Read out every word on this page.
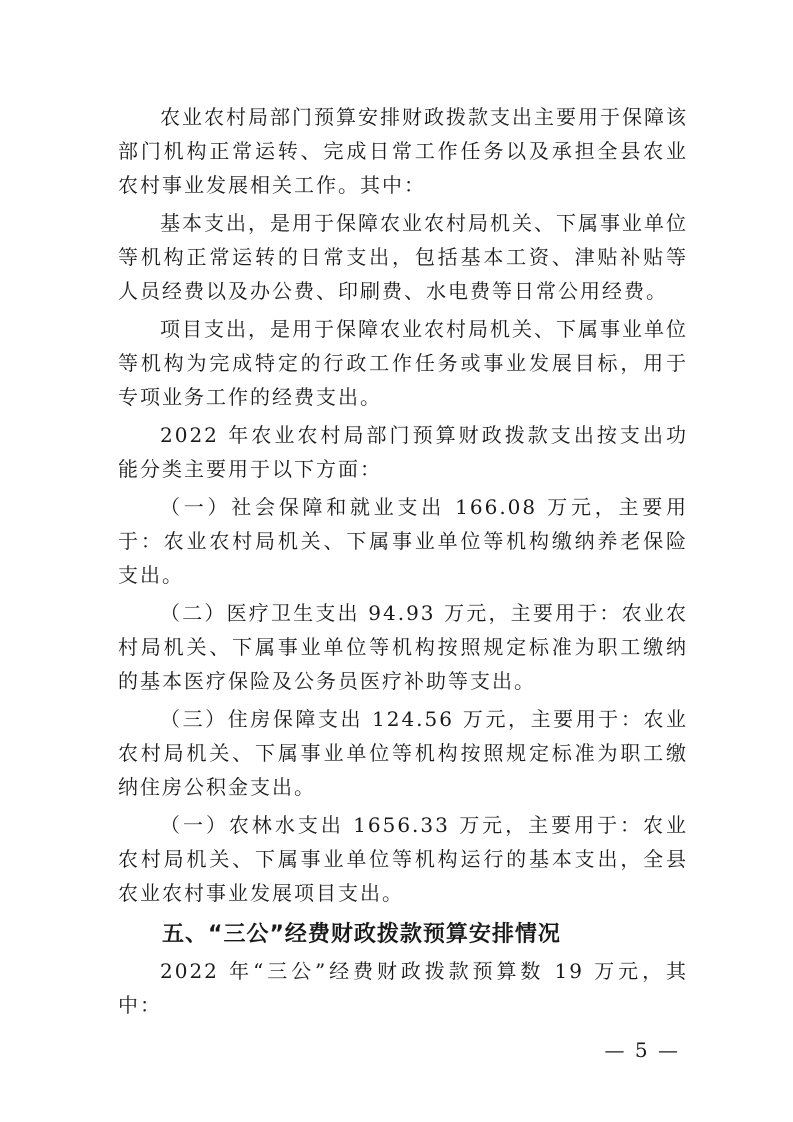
农业农村局部门预算安排财政拨款支出主要用于保障该部门机构正常运转、完成日常工作任务以及承担全县农业农村事业发展相关工作。其中：

基本支出，是用于保障农业农村局机关、下属事业单位等机构正常运转的日常支出，包括基本工资、津贴补贴等人员经费以及办公费、印刷费、水电费等日常公用经费。

项目支出，是用于保障农业农村局机关、下属事业单位等机构为完成特定的行政工作任务或事业发展目标，用于专项业务工作的经费支出。

2022 年农业农村局部门预算财政拨款支出按支出功能分类主要用于以下方面：

（一）社会保障和就业支出 166.08 万元，主要用于：农业农村局机关、下属事业单位等机构缴纳养老保险支出。

（二）医疗卫生支出 94.93 万元，主要用于：农业农村局机关、下属事业单位等机构按照规定标准为职工缴纳的基本医疗保险及公务员医疗补助等支出。

（三）住房保障支出 124.56 万元，主要用于：农业农村局机关、下属事业单位等机构按照规定标准为职工缴纳住房公积金支出。

（一）农林水支出 1656.33 万元，主要用于：农业农村局机关、下属事业单位等机构运行的基本支出，全县农业农村事业发展项目支出。

五、“三公”经费财政拨款预算安排情况

2022 年“三公”经费财政拨款预算数 19 万元，其中：

— 5 —
